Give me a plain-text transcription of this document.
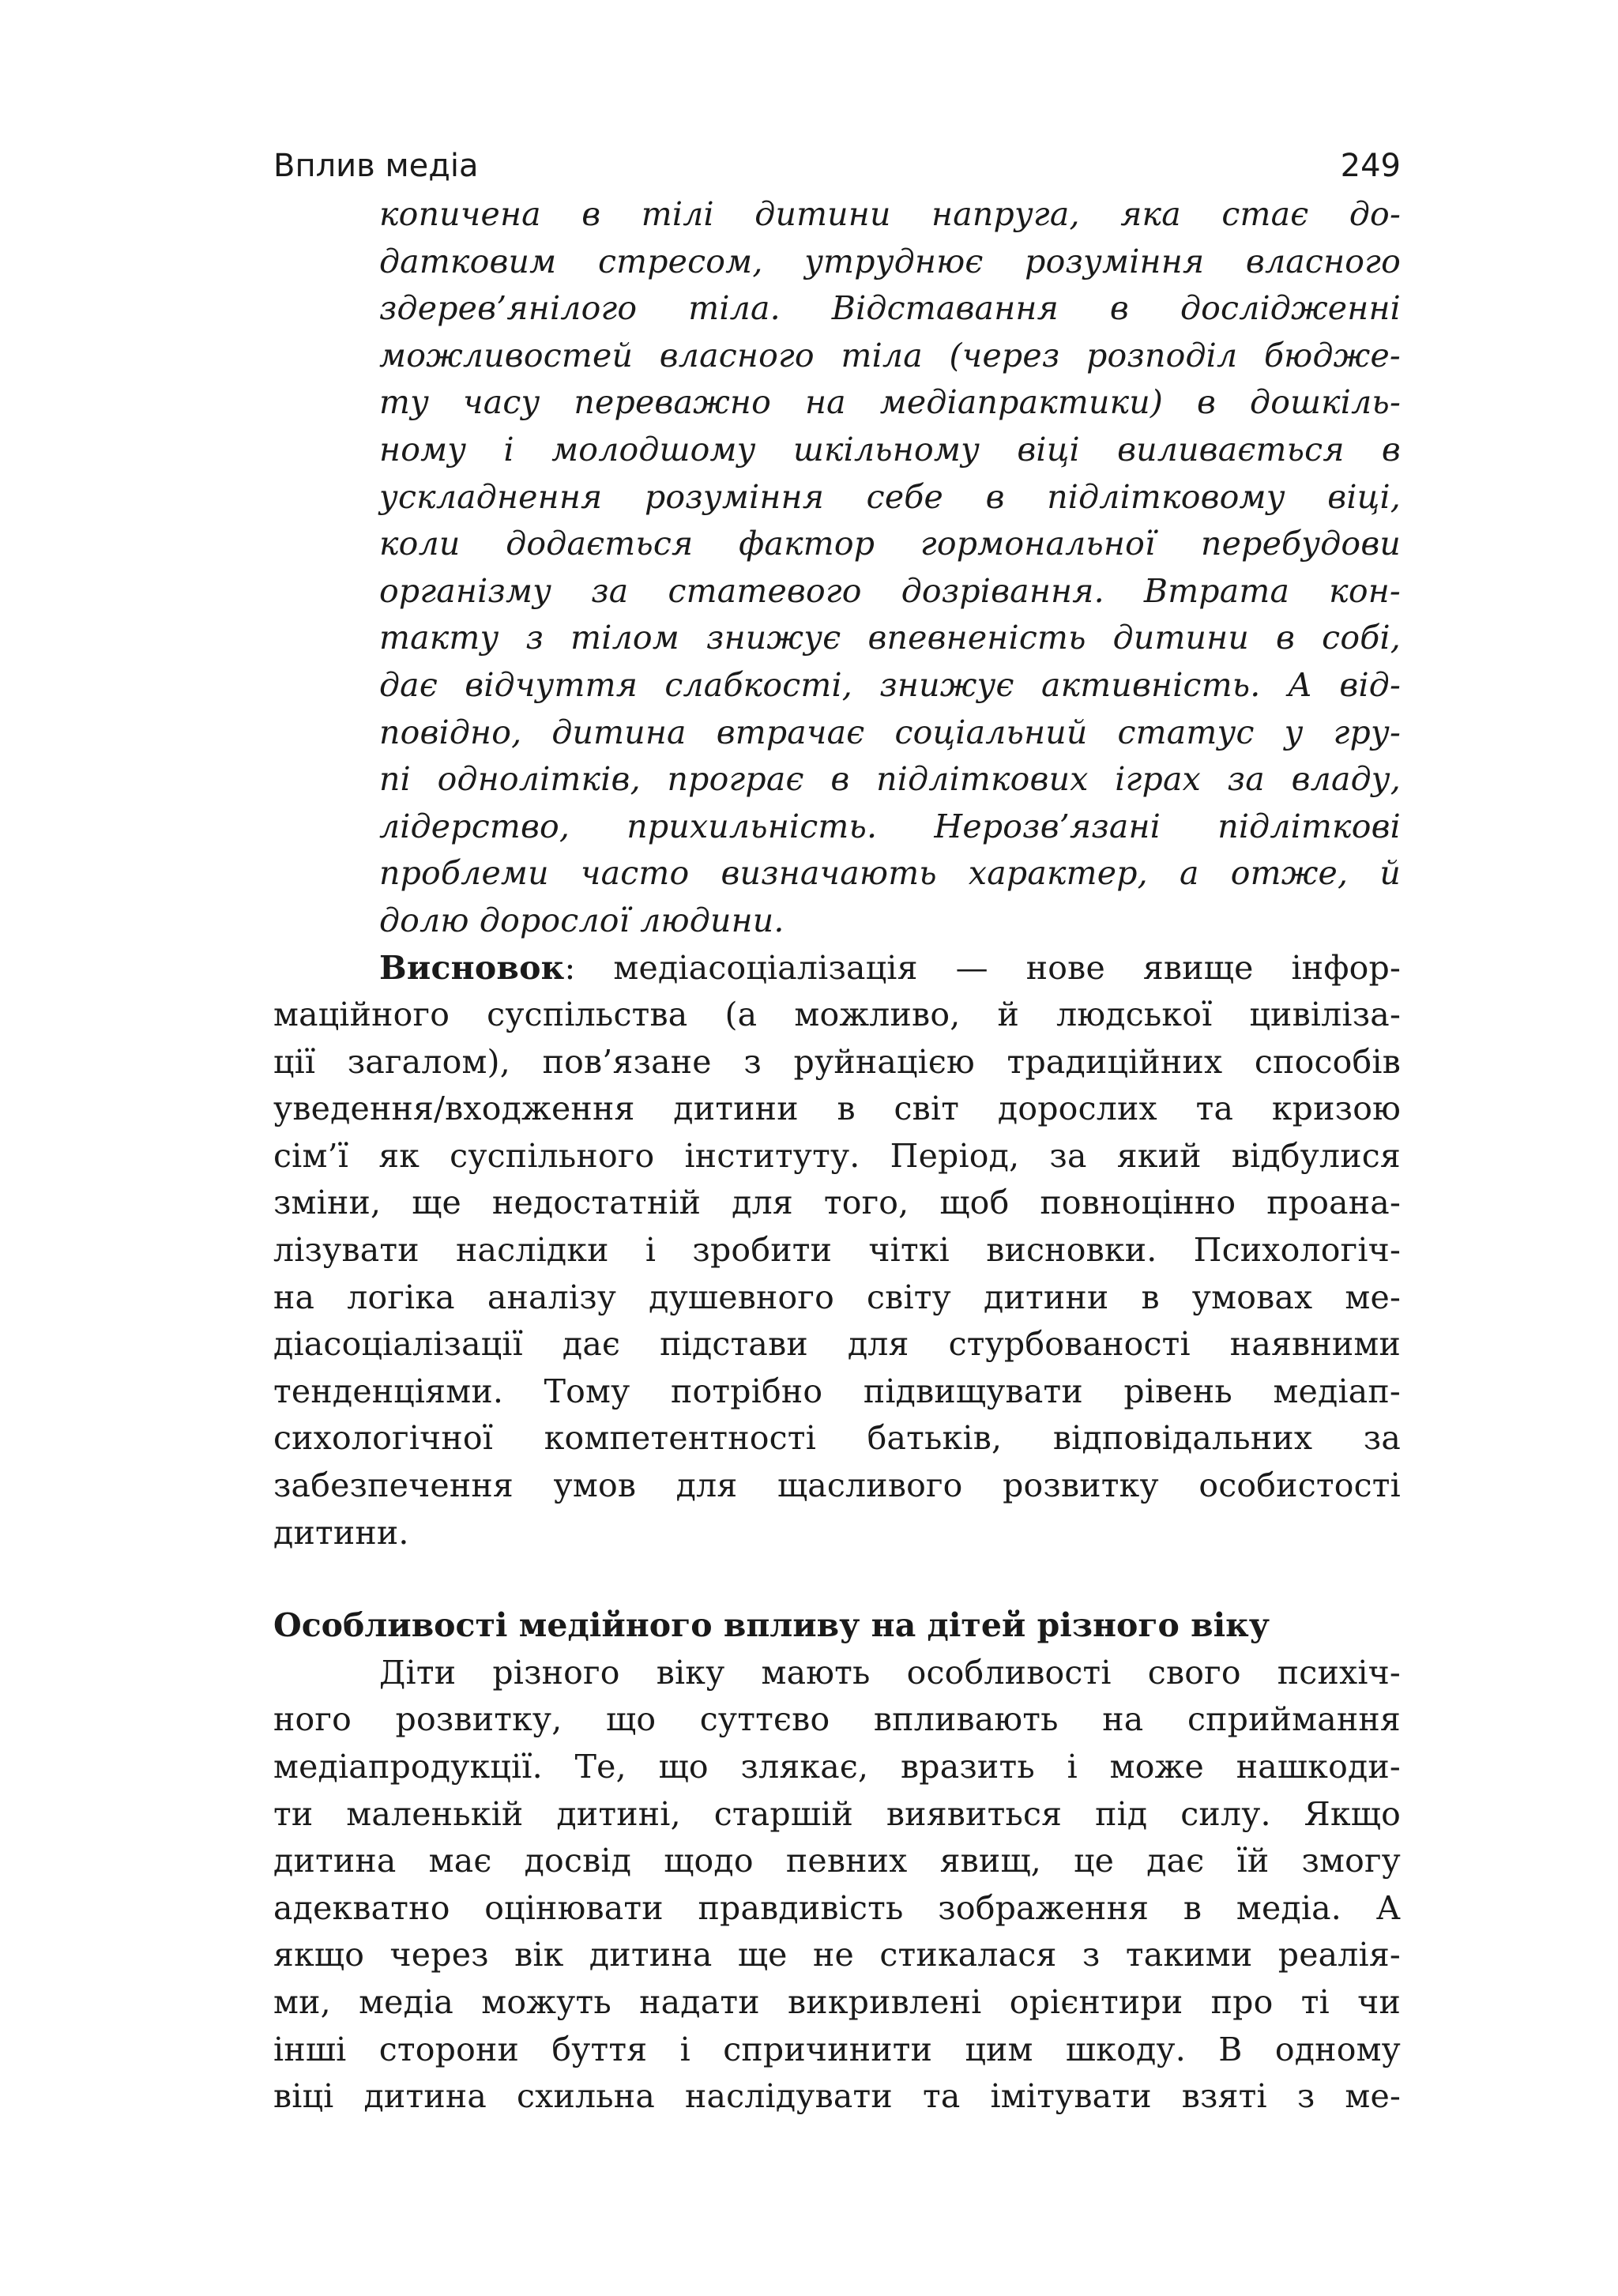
Вплив медіа	249
копичена в тілі дитини напруга, яка стає до-
датковим стресом, утруднює розуміння власного
здерев’янілого тіла. Відставання в дослідженні
можливостей власного тіла (через розподіл бюдже-
ту часу переважно на медіапрактики) в дошкіль-
ному і молодшому шкільному віці виливається в
ускладнення розуміння себе в підлітковому віці,
коли додається фактор гормональної перебудови
організму за статевого дозрівання. Втрата кон-
такту з тілом знижує впевненість дитини в собі,
дає відчуття слабкості, знижує активність. А від-
повідно, дитина втрачає соціальний статус у гру-
пі однолітків, програє в підліткових іграх за владу,
лідерство, прихильність. Нерозв’язані підліткові
проблеми часто визначають характер, а отже, й
долю дорослої людини.
Висновок: медіасоціалізація — нове явище інфор-
маційного суспільства (а можливо, й людської цивіліза-
ції загалом), пов’язане з руйнацією традиційних способів
уведення/входження дитини в світ дорослих та кризою
сім’ї як суспільного інституту. Період, за який відбулися
зміни, ще недостатній для того, щоб повноцінно проана-
лізувати наслідки і зробити чіткі висновки. Психологіч-
на логіка аналізу душевного світу дитини в умовах ме-
діасоціалізації дає підстави для стурбованості наявними
тенденціями. Тому потрібно підвищувати рівень медіап-
сихологічної компетентності батьків, відповідальних за
забезпечення умов для щасливого розвитку особистості
дитини.
Особливості медійного впливу на дітей різного віку
Діти різного віку мають особливості свого психіч-
ного розвитку, що суттєво впливають на сприймання
медіапродукції. Те, що злякає, вразить і може нашкоди-
ти маленькій дитині, старшій виявиться під силу. Якщо
дитина має досвід щодо певних явищ, це дає їй змогу
адекватно оцінювати правдивість зображення в медіа. А
якщо через вік дитина ще не стикалася з такими реалія-
ми, медіа можуть надати викривлені орієнтири про ті чи
інші сторони буття і спричинити цим шкоду. В одному
віці дитина схильна наслідувати та імітувати взяті з ме-
